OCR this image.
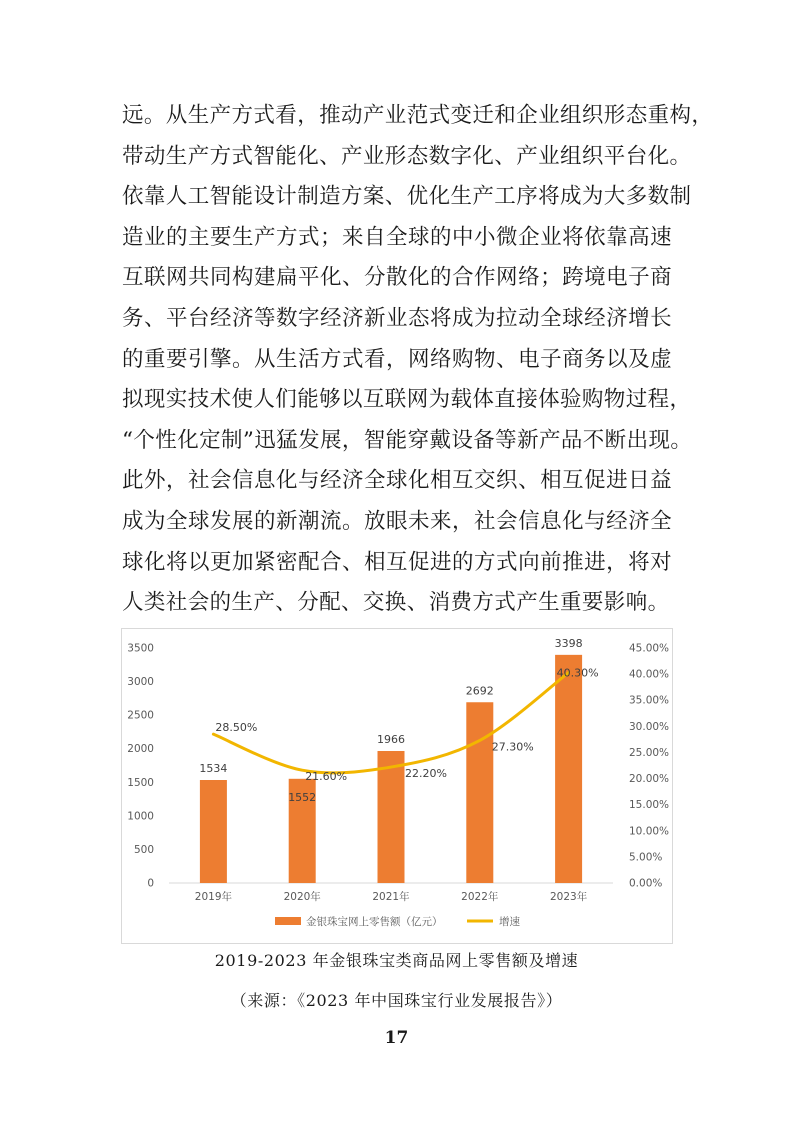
远。从生产方式看，推动产业范式变迁和企业组织形态重构，
带动生产方式智能化、产业形态数字化、产业组织平台化。
依靠人工智能设计制造方案、优化生产工序将成为大多数制
造业的主要生产方式；来自全球的中小微企业将依靠高速
互联网共同构建扁平化、分散化的合作网络；跨境电子商
务、平台经济等数字经济新业态将成为拉动全球经济增长
的重要引擎。从生活方式看，网络购物、电子商务以及虚
拟现实技术使人们能够以互联网为载体直接体验购物过程，
“个性化定制”迅猛发展，智能穿戴设备等新产品不断出现。
此外，社会信息化与经济全球化相互交织、相互促进日益
成为全球发展的新潮流。放眼未来，社会信息化与经济全
球化将以更加紧密配合、相互促进的方式向前推进，将对
人类社会的生产、分配、交换、消费方式产生重要影响。
0
500
1000
1500
2000
2500
3000
3500
0.00%
5.00%
10.00%
15.00%
20.00%
25.00%
30.00%
35.00%
40.00%
45.00%
1534
1552
1966
2692
3398
28.50%
21.60%	22.20%
27.30%
40.30%
2019年	2020年	2021年	2022年	2023年
金银珠宝网上零售额（亿元）	增速
2019-2023 年金银珠宝类商品网上零售额及增速
（来源：《2023 年中国珠宝行业发展报告》）
17
